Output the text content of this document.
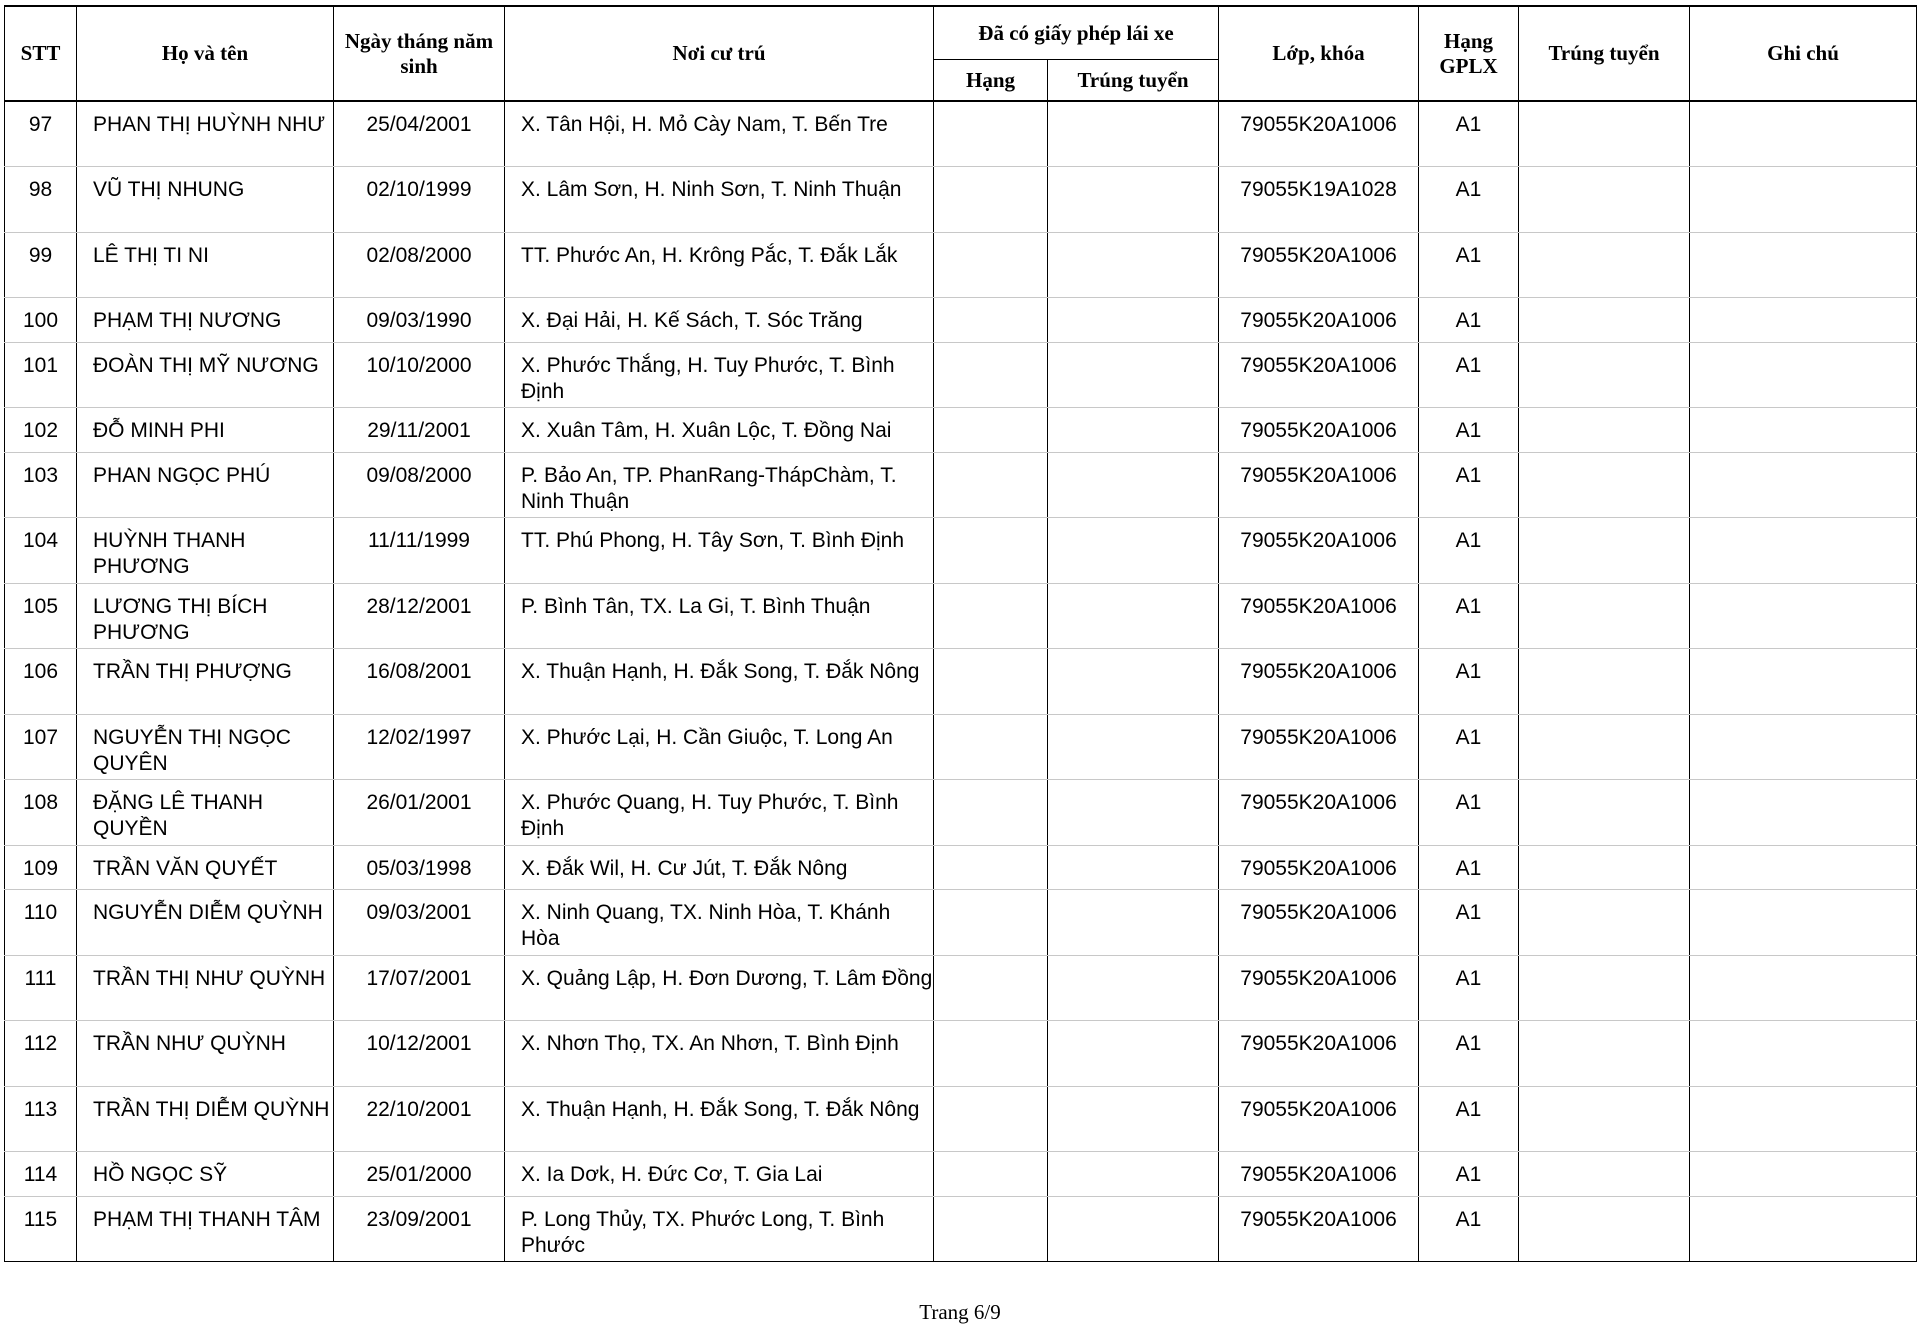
STT	Họ và tên	Ngày tháng năm sinh	Nơi cư trú	Đã có giấy phép lái xe		Lớp, khóa	Hạng GPLX	Trúng tuyển	Ghi chú
				Hạng	Trúng tuyển				
97	PHAN THỊ HUỲNH NHƯ	25/04/2001	X. Tân Hội, H. Mỏ Cày Nam, T. Bến Tre			79055K20A1006	A1		
98	VŨ THỊ NHUNG	02/10/1999	X. Lâm Sơn, H. Ninh Sơn, T. Ninh Thuận			79055K19A1028	A1		
99	LÊ THỊ TI NI	02/08/2000	TT. Phước An, H. Krông Pắc, T. Đắk Lắk			79055K20A1006	A1		
100	PHẠM THỊ NƯƠNG	09/03/1990	X. Đại Hải, H. Kế Sách, T. Sóc Trăng			79055K20A1006	A1		
101	ĐOÀN THỊ MỸ NƯƠNG	10/10/2000	X. Phước Thắng, H. Tuy Phước, T. Bình Định			79055K20A1006	A1		
102	ĐỖ MINH PHI	29/11/2001	X. Xuân Tâm, H. Xuân Lộc, T. Đồng Nai			79055K20A1006	A1		
103	PHAN NGỌC PHÚ	09/08/2000	P. Bảo An, TP. PhanRang-ThápChàm, T. Ninh Thuận			79055K20A1006	A1		
104	HUỲNH THANH PHƯƠNG	11/11/1999	TT. Phú Phong, H. Tây Sơn, T. Bình Định			79055K20A1006	A1		
105	LƯƠNG THỊ BÍCH PHƯƠNG	28/12/2001	P. Bình Tân, TX. La Gi, T. Bình Thuận			79055K20A1006	A1		
106	TRẦN THỊ PHƯỢNG	16/08/2001	X. Thuận Hạnh, H. Đắk Song, T. Đắk Nông			79055K20A1006	A1		
107	NGUYỄN THỊ NGỌC QUYÊN	12/02/1997	X. Phước Lại, H. Cần Giuộc, T. Long An			79055K20A1006	A1		
108	ĐẶNG LÊ THANH QUYỀN	26/01/2001	X. Phước Quang, H. Tuy Phước, T. Bình Định			79055K20A1006	A1		
109	TRẦN VĂN QUYẾT	05/03/1998	X. Đắk Wil, H. Cư Jút, T. Đắk Nông			79055K20A1006	A1		
110	NGUYỄN DIỄM QUỲNH	09/03/2001	X. Ninh Quang, TX. Ninh Hòa, T. Khánh Hòa			79055K20A1006	A1		
111	TRẦN THỊ NHƯ QUỲNH	17/07/2001	X. Quảng Lập, H. Đơn Dương, T. Lâm Đồng			79055K20A1006	A1		
112	TRẦN NHƯ QUỲNH	10/12/2001	X. Nhơn Thọ, TX. An Nhơn, T. Bình Định			79055K20A1006	A1		
113	TRẦN THỊ DIỄM QUỲNH	22/10/2001	X. Thuận Hạnh, H. Đắk Song, T. Đắk Nông			79055K20A1006	A1		
114	HỒ NGỌC SỸ	25/01/2000	X. Ia Dơk, H. Đức Cơ, T. Gia Lai			79055K20A1006	A1		
115	PHẠM THỊ THANH TÂM	23/09/2001	P. Long Thủy, TX. Phước Long, T. Bình Phước			79055K20A1006	A1		
Trang 6/9
